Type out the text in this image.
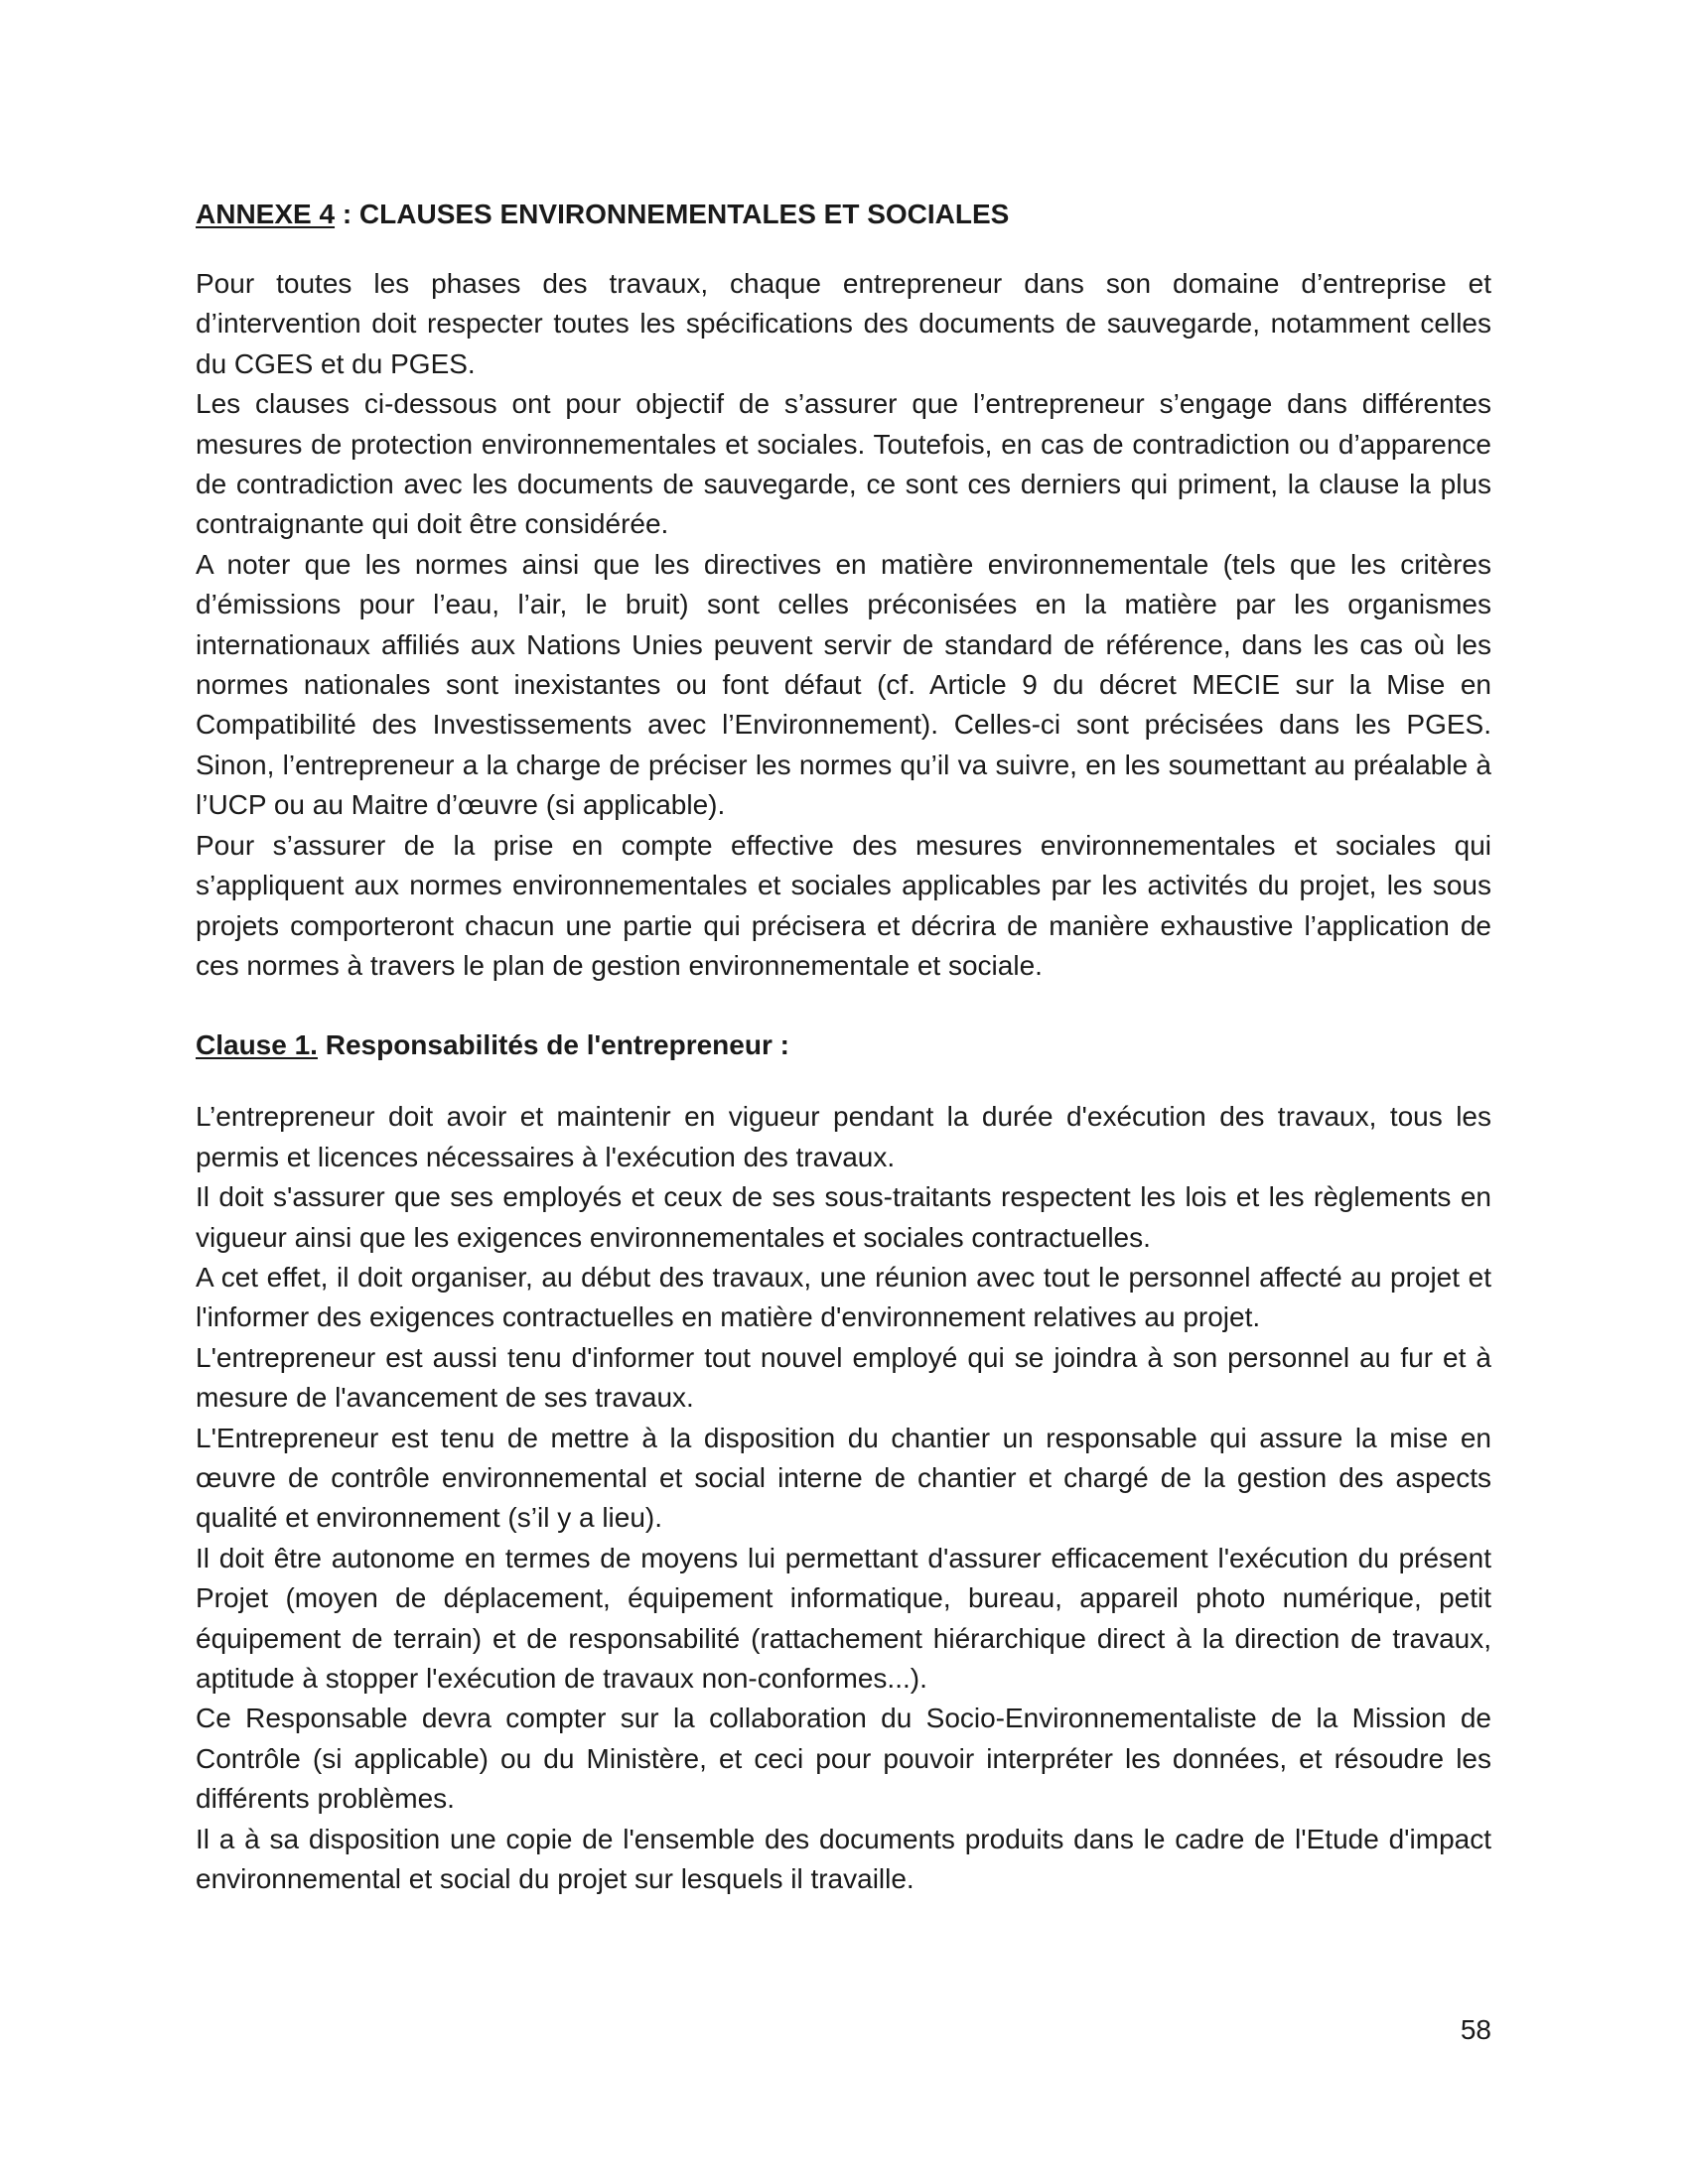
ANNEXE 4 : CLAUSES ENVIRONNEMENTALES ET SOCIALES

Pour toutes les phases des travaux, chaque entrepreneur dans son domaine d’entreprise et d’intervention doit respecter toutes les spécifications des documents de sauvegarde, notamment celles du CGES et du PGES.

Les clauses ci-dessous ont pour objectif de s’assurer que l’entrepreneur s’engage dans différentes mesures de protection environnementales et sociales. Toutefois, en cas de contradiction ou d’apparence de contradiction avec les documents de sauvegarde, ce sont ces derniers qui priment, la clause la plus contraignante qui doit être considérée.

A noter que les normes ainsi que les directives en matière environnementale (tels que les critères d’émissions pour l’eau, l’air, le bruit) sont celles préconisées en la matière par les organismes internationaux affiliés aux Nations Unies peuvent servir de standard de référence, dans les cas où les normes nationales sont inexistantes ou font défaut (cf. Article 9 du décret MECIE sur la Mise en Compatibilité des Investissements avec l’Environnement). Celles-ci sont précisées dans les PGES. Sinon, l’entrepreneur a la charge de préciser les normes qu’il va suivre, en les soumettant au préalable à l’UCP ou au Maitre d’œuvre (si applicable).

Pour s’assurer de la prise en compte effective des mesures environnementales et sociales qui s’appliquent aux normes environnementales et sociales applicables par les activités du projet, les sous projets comporteront chacun une partie qui précisera et décrira de manière exhaustive l’application de ces normes à travers le plan de gestion environnementale et sociale.

Clause 1. Responsabilités de l'entrepreneur :

L’entrepreneur doit avoir et maintenir en vigueur pendant la durée d'exécution des travaux, tous les permis et licences nécessaires à l'exécution des travaux.

Il doit s'assurer que ses employés et ceux de ses sous-traitants respectent les lois et les règlements en vigueur ainsi que les exigences environnementales et sociales contractuelles.

A cet effet, il doit organiser, au début des travaux, une réunion avec tout le personnel affecté au projet et l'informer des exigences contractuelles en matière d'environnement relatives au projet.

L'entrepreneur est aussi tenu d'informer tout nouvel employé qui se joindra à son personnel au fur et à mesure de l'avancement de ses travaux.

L'Entrepreneur est tenu de mettre à la disposition du chantier un responsable qui assure la mise en œuvre de contrôle environnemental et social interne de chantier et chargé de la gestion des aspects qualité et environnement (s’il y a lieu).

Il doit être autonome en termes de moyens lui permettant d'assurer efficacement l'exécution du présent Projet (moyen de déplacement, équipement informatique, bureau, appareil photo numérique, petit équipement de terrain) et de responsabilité (rattachement hiérarchique direct à la direction de travaux, aptitude à stopper l'exécution de travaux non-conformes...).

Ce Responsable devra compter sur la collaboration du Socio-Environnementaliste de la Mission de Contrôle (si applicable) ou du Ministère, et ceci pour pouvoir interpréter les données, et résoudre les différents problèmes.

Il a à sa disposition une copie de l'ensemble des documents produits dans le cadre de l'Etude d'impact environnemental et social du projet sur lesquels il travaille.

58
